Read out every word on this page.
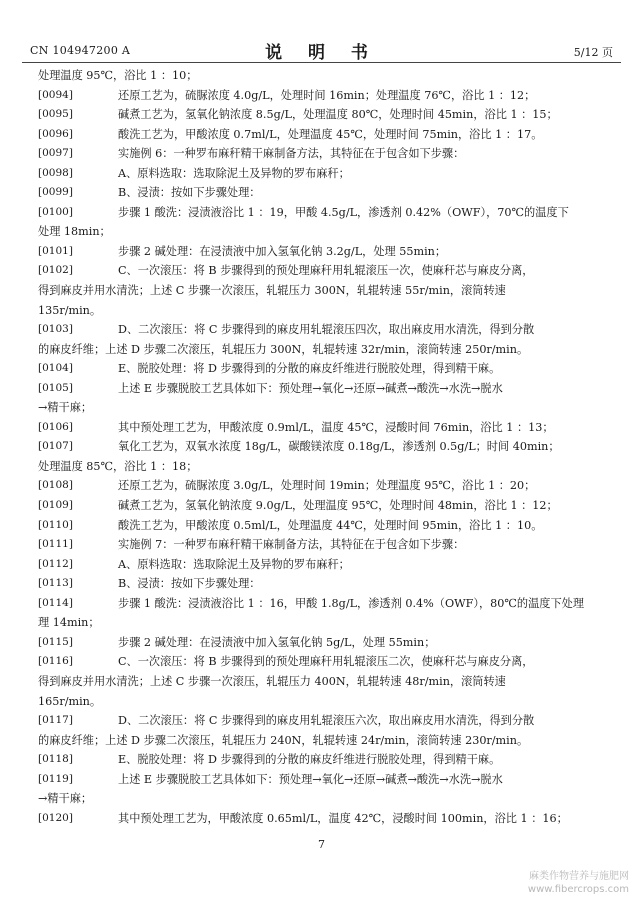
CN 104947200 A	说 明 书	5/12 页
处理温度 95℃，浴比 1 ：10；
[0094]	还原工艺为，硫脲浓度 4.0g/L，处理时间 16min；处理温度 76℃，浴比 1 ：12；
[0095]	碱煮工艺为，氢氧化钠浓度 8.5g/L，处理温度 80℃，处理时间 45min，浴比 1 ：15；
[0096]	酸洗工艺为，甲酸浓度 0.7ml/L，处理温度 45℃，处理时间 75min，浴比 1 ：17。
[0097]	实施例 6：一种罗布麻秆精干麻制备方法，其特征在于包含如下步骤：
[0098]	A、原料选取：选取除泥土及异物的罗布麻秆；
[0099]	B、浸渍：按如下步骤处理：
[0100]	步骤 1 酸洗：浸渍液浴比 1 ：19，甲酸 4.5g/L，渗透剂 0.42%（OWF），70℃的温度下
处理 18min；
[0101]	步骤 2 碱处理：在浸渍液中加入氢氧化钠 3.2g/L，处理 55min；
[0102]	C、一次滚压：将 B 步骤得到的预处理麻秆用轧辊滚压一次，使麻秆芯与麻皮分离，
得到麻皮并用水清洗；上述 C 步骤一次滚压，轧辊压力 300N，轧辊转速 55r/min，滚筒转速
135r/min。
[0103]	D、二次滚压：将 C 步骤得到的麻皮用轧辊滚压四次，取出麻皮用水清洗，得到分散
的麻皮纤维；上述 D 步骤二次滚压，轧辊压力 300N，轧辊转速 32r/min，滚筒转速 250r/min。
[0104]	E、脱胶处理：将 D 步骤得到的分散的麻皮纤维进行脱胶处理，得到精干麻。
[0105]	上述 E 步骤脱胶工艺具体如下：预处理→氧化→还原→碱煮→酸洗→水洗→脱水
→精干麻；
[0106]	其中预处理工艺为，甲酸浓度 0.9ml/L，温度 45℃，浸酸时间 76min，浴比 1 ：13；
[0107]	氧化工艺为，双氧水浓度 18g/L，碳酸镁浓度 0.18g/L，渗透剂 0.5g/L；时间 40min；
处理温度 85℃，浴比 1 ：18；
[0108]	还原工艺为，硫脲浓度 3.0g/L，处理时间 19min；处理温度 95℃，浴比 1 ：20；
[0109]	碱煮工艺为，氢氧化钠浓度 9.0g/L，处理温度 95℃，处理时间 48min，浴比 1 ：12；
[0110]	酸洗工艺为，甲酸浓度 0.5ml/L，处理温度 44℃，处理时间 95min，浴比 1 ：10。
[0111]	实施例 7：一种罗布麻秆精干麻制备方法，其特征在于包含如下步骤：
[0112]	A、原料选取：选取除泥土及异物的罗布麻秆；
[0113]	B、浸渍：按如下步骤处理：
[0114]	步骤 1 酸洗：浸渍液浴比 1 ：16，甲酸 1.8g/L，渗透剂 0.4%（OWF），80℃的温度下处理
理 14min；
[0115]	步骤 2 碱处理：在浸渍液中加入氢氧化钠 5g/L，处理 55min；
[0116]	C、一次滚压：将 B 步骤得到的预处理麻秆用轧辊滚压二次，使麻秆芯与麻皮分离，
得到麻皮并用水清洗；上述 C 步骤一次滚压，轧辊压力 400N，轧辊转速 48r/min，滚筒转速
165r/min。
[0117]	D、二次滚压：将 C 步骤得到的麻皮用轧辊滚压六次，取出麻皮用水清洗，得到分散
的麻皮纤维；上述 D 步骤二次滚压，轧辊压力 240N，轧辊转速 24r/min，滚筒转速 230r/min。
[0118]	E、脱胶处理：将 D 步骤得到的分散的麻皮纤维进行脱胶处理，得到精干麻。
[0119]	上述 E 步骤脱胶工艺具体如下：预处理→氧化→还原→碱煮→酸洗→水洗→脱水
→精干麻；
[0120]	其中预处理工艺为，甲酸浓度 0.65ml/L，温度 42℃，浸酸时间 100min，浴比 1 ：16；
7
麻类作物营养与施肥网
www.fibercrops.com
